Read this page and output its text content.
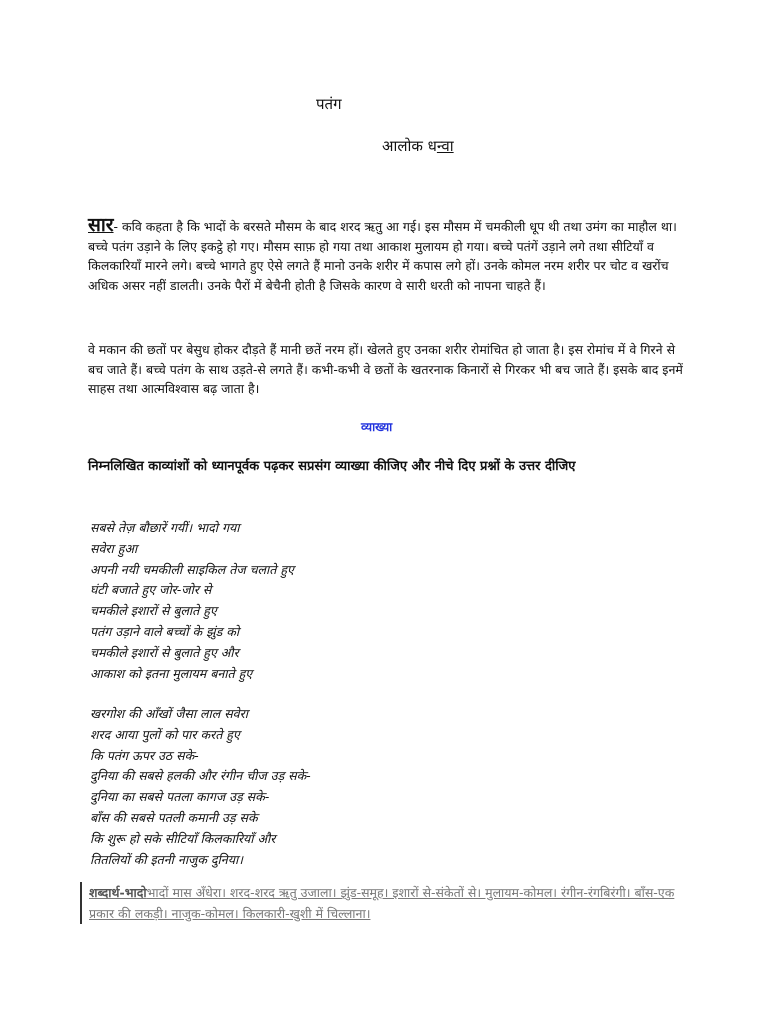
पतंग
आलोक धन्वा

सार- कवि कहता है कि भादों के बरसते मौसम के बाद शरद ऋतु आ गई। इस मौसम में चमकीली धूप थी तथा उमंग का माहौल था। बच्चे पतंग उड़ाने के लिए इकट्ठे हो गए। मौसम साफ़ हो गया तथा आकाश मुलायम हो गया। बच्चे पतंगें उड़ाने लगे तथा सीटियाँ व किलकारियाँ मारने लगे। बच्चे भागते हुए ऐसे लगते हैं मानो उनके शरीर में कपास लगे हों। उनके कोमल नरम शरीर पर चोट व खरोंच अधिक असर नहीं डालती। उनके पैरों में बेचैनी होती है जिसके कारण वे सारी धरती को नापना चाहते हैं।

वे मकान की छतों पर बेसुध होकर दौड़ते हैं मानी छतें नरम हों। खेलते हुए उनका शरीर रोमांचित हो जाता है। इस रोमांच में वे गिरने से बच जाते हैं। बच्चे पतंग के साथ उड़ते-से लगते हैं। कभी-कभी वे छतों के खतरनाक किनारों से गिरकर भी बच जाते हैं। इसके बाद इनमें साहस तथा आत्मविश्वास बढ़ जाता है।

व्याख्या
निम्नलिखित काव्यांशों को ध्यानपूर्वक पढ़कर सप्रसंग व्याख्या कीजिए और नीचे दिए प्रश्नों के उत्तर दीजिए
सबसे तेज़ बौछारें गयीं। भादो गया
सवेरा हुआ
अपनी नयी चमकीली साइकिल तेज चलाते हुए
घंटी बजाते हुए जोर-जोर से
चमकीले इशारों से बुलाते हुए
पतंग उड़ाने वाले बच्चों के झुंड को
चमकीले इशारों से बुलाते हुए और
आकाश को इतना मुलायम बनाते हुए
खरगोश की आँखों जैसा लाल सवेरा
शरद आया पुलों को पार करते हुए
कि पतंग ऊपर उठ सके-
दुनिया की सबसे हलकी और रंगीन चीज उड़ सके-
दुनिया का सबसे पतला कागज उड़ सके-
बाँस की सबसे पतली कमानी उड़ सके
कि शुरू हो सके सीटियाँ किलकारियाँ और
तितलियों की इतनी नाजुक दुनिया।
शब्दार्थ-भादोभादों मास अँधेरा। शरद-शरद ऋतु उजाला। झुंड-समूह। इशारों से-संकेतों से। मुलायम-कोमल। रंगीन-रंगबिरंगी। बाँस-एक प्रकार की लकड़ी। नाजुक-कोमल। किलकारी-खुशी में चिल्लाना।
